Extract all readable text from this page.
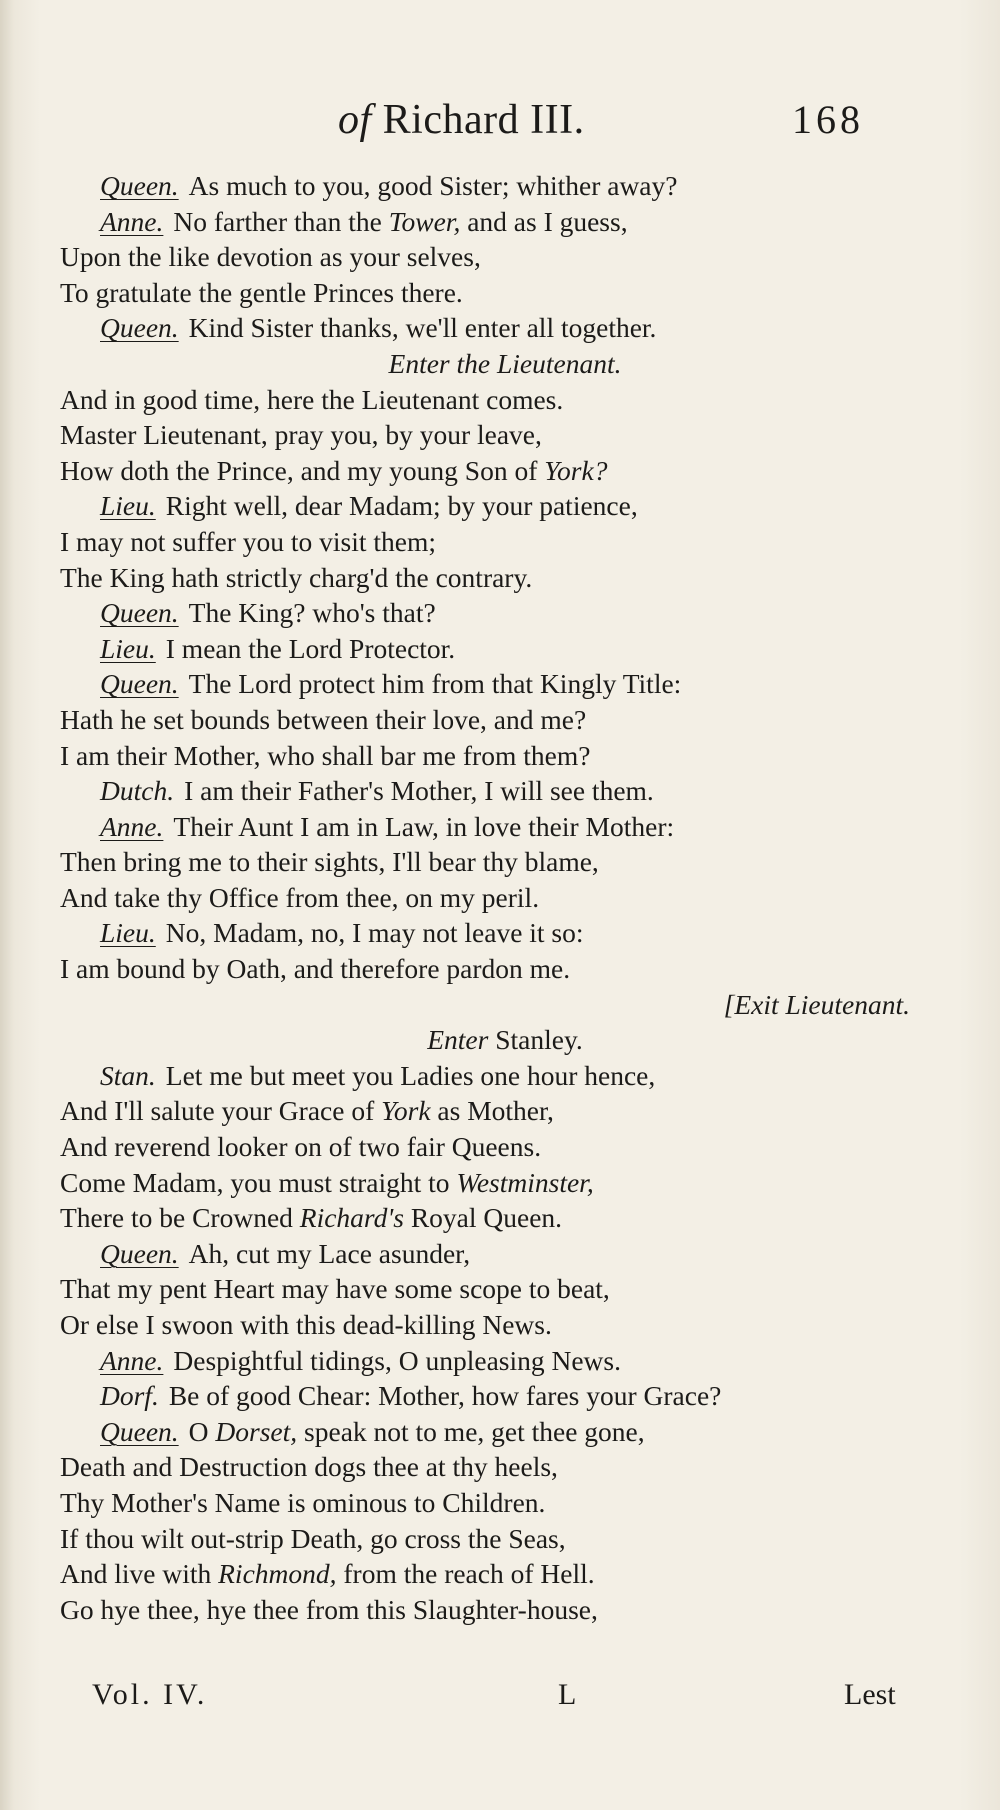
of Richard III.	168
Queen. As much to you, good Sister; whither away?
Anne. No farther than the Tower, and as I guess,
Upon the like devotion as your selves,
To gratulate the gentle Princes there.
Queen. Kind Sister thanks, we'll enter all together.
Enter the Lieutenant.
And in good time, here the Lieutenant comes.
Master Lieutenant, pray you, by your leave,
How doth the Prince, and my young Son of York?
Lieu. Right well, dear Madam; by your patience,
I may not suffer you to visit them;
The King hath strictly charg'd the contrary.
Queen. The King? who's that?
Lieu. I mean the Lord Protector.
Queen. The Lord protect him from that Kingly Title:
Hath he set bounds between their love, and me?
I am their Mother, who shall bar me from them?
Dutch. I am their Father's Mother, I will see them.
Anne. Their Aunt I am in Law, in love their Mother:
Then bring me to their sights, I'll bear thy blame,
And take thy Office from thee, on my peril.
Lieu. No, Madam, no, I may not leave it so:
I am bound by Oath, and therefore pardon me.
[Exit Lieutenant.
Enter Stanley.
Stan. Let me but meet you Ladies one hour hence,
And I'll salute your Grace of York as Mother,
And reverend looker on of two fair Queens.
Come Madam, you must straight to Westminster,
There to be Crowned Richard's Royal Queen.
Queen. Ah, cut my Lace asunder,
That my pent Heart may have some scope to beat,
Or else I swoon with this dead-killing News.
Anne. Despightful tidings, O unpleasing News.
Dorf. Be of good Chear: Mother, how fares your Grace?
Queen. O Dorset, speak not to me, get thee gone,
Death and Destruction dogs thee at thy heels,
Thy Mother's Name is ominous to Children.
If thou wilt out-strip Death, go cross the Seas,
And live with Richmond, from the reach of Hell.
Go hye thee, hye thee from this Slaughter-house,
Vol. IV.	L	Lest
